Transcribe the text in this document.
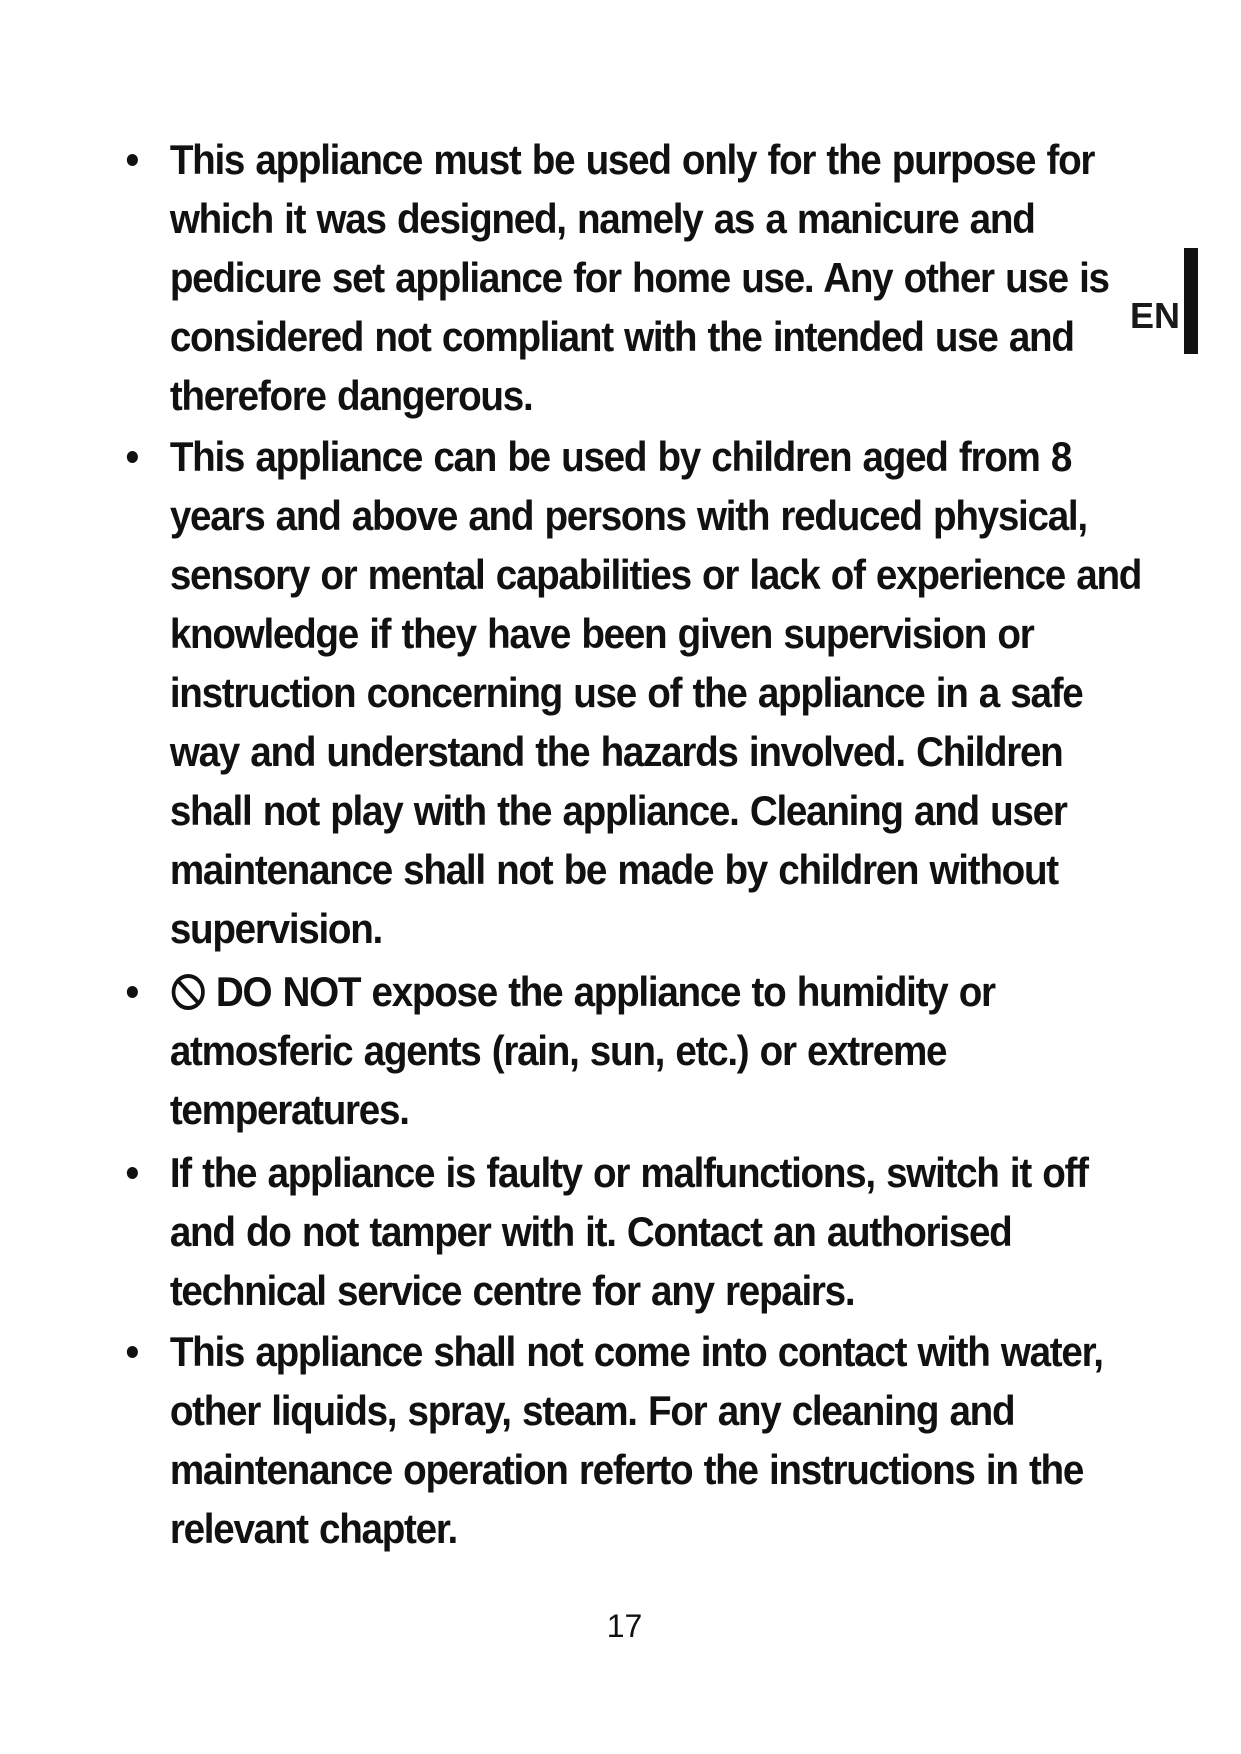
EN
• This appliance must be used only for the purpose for which it was designed, namely as a manicure and pedicure set appliance for home use. Any other use is considered not compliant with the intended use and therefore dangerous.
• This appliance can be used by children aged from 8 years and above and persons with reduced physical, sensory or mental capabilities or lack of experience and knowledge if they have been given supervision or instruction concerning use of the appliance in a safe way and understand the hazards involved. Children shall not play with the appliance. Cleaning and user maintenance shall not be made by children without supervision.
• DO NOT expose the appliance to humidity or atmosferic agents (rain, sun, etc.) or extreme temperatures.
• If the appliance is faulty or malfunctions, switch it off and do not tamper with it. Contact an authorised technical service centre for any repairs.
• This appliance shall not come into contact with water, other liquids, spray, steam. For any cleaning and maintenance operation referto the instructions in the relevant chapter.
17
